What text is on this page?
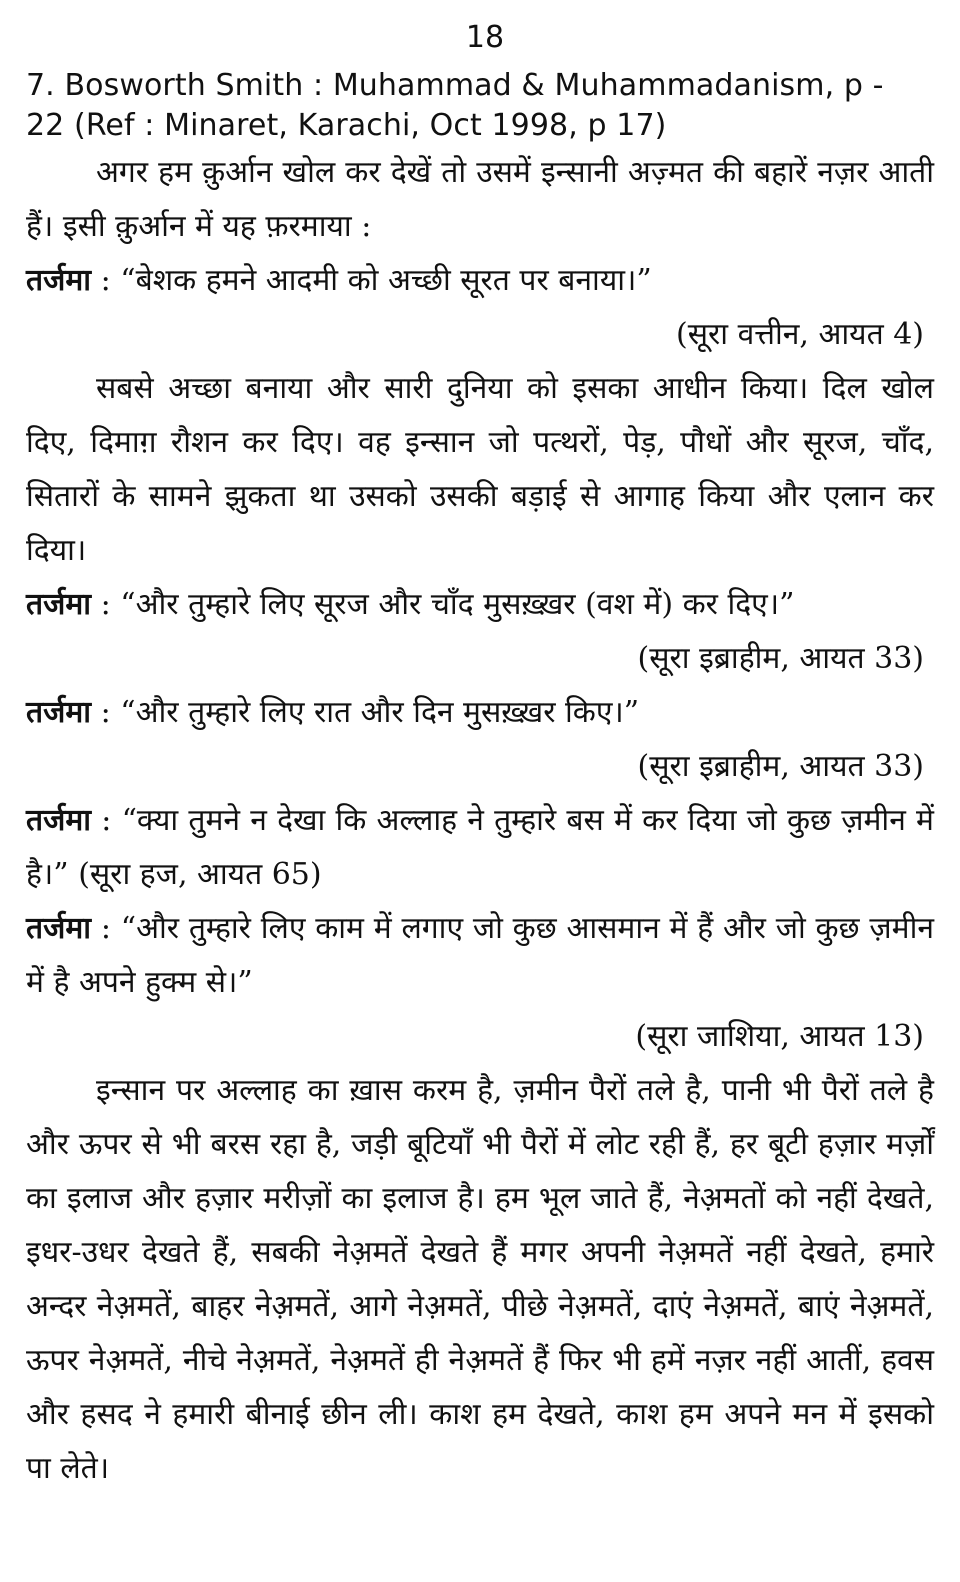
18
7. Bosworth Smith : Muhammad & Muhammadanism, p -
22 (Ref : Minaret, Karachi, Oct 1998, p 17)

अगर हम क़ुर्आन खोल कर देखें तो उसमें इन्सानी अज़्मत की बहारें नज़र आती हैं। इसी क़ुर्आन में यह फ़रमाया :

तर्जमा : “बेशक हमने आदमी को अच्छी सूरत पर बनाया।”

(सूरा वत्तीन, आयत 4)

सबसे अच्छा बनाया और सारी दुनिया को इसका आधीन किया। दिल खोल दिए, दिमाग़ रौशन कर दिए। वह इन्सान जो पत्थरों, पेड़, पौधों और सूरज, चाँद, सितारों के सामने झुकता था उसको उसकी बड़ाई से आगाह किया और एलान कर दिया।

तर्जमा : “और तुम्हारे लिए सूरज और चाँद मुसख़्ख़र (वश में) कर दिए।”

(सूरा इब्राहीम, आयत 33)

तर्जमा : “और तुम्हारे लिए रात और दिन मुसख़्ख़र किए।”

(सूरा इब्राहीम, आयत 33)

तर्जमा : “क्या तुमने न देखा कि अल्लाह ने तुम्हारे बस में कर दिया जो कुछ ज़मीन में है।” (सूरा हज, आयत 65)

तर्जमा : “और तुम्हारे लिए काम में लगाए जो कुछ आसमान में हैं और जो कुछ ज़मीन में है अपने हुक्म से।”

(सूरा जाशिया, आयत 13)

इन्सान पर अल्लाह का ख़ास करम है, ज़मीन पैरों तले है, पानी भी पैरों तले है और ऊपर से भी बरस रहा है, जड़ी बूटियाँ भी पैरों में लोट रही हैं, हर बूटी हज़ार मर्ज़ों का इलाज और हज़ार मरीज़ों का इलाज है। हम भूल जाते हैं, नेअ़मतों को नहीं देखते, इधर-उधर देखते हैं, सबकी नेअ़मतें देखते हैं मगर अपनी नेअ़मतें नहीं देखते, हमारे अन्दर नेअ़मतें, बाहर नेअ़मतें, आगे नेअ़मतें, पीछे नेअ़मतें, दाएं नेअ़मतें, बाएं नेअ़मतें, ऊपर नेअ़मतें, नीचे नेअ़मतें, नेअ़मतें ही नेअ़मतें हैं फिर भी हमें नज़र नहीं आतीं, हवस और हसद ने हमारी बीनाई छीन ली। काश हम देखते, काश हम अपने मन में इसको पा लेते।
